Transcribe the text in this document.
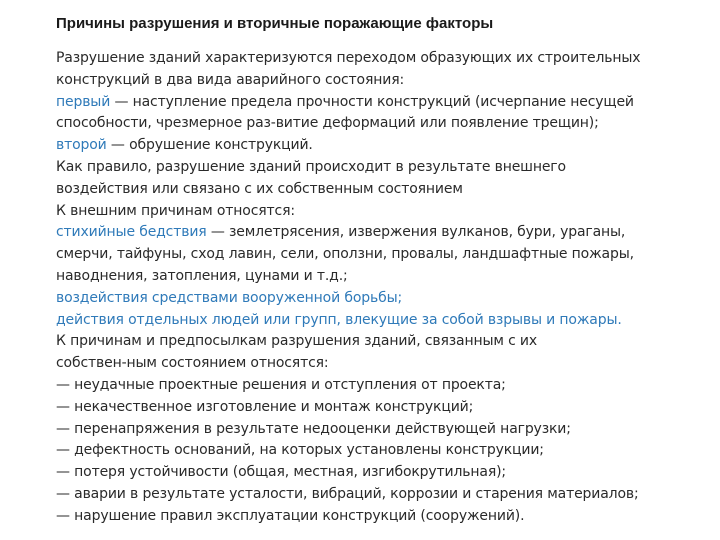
Причины разрушения и вторичные поражающие факторы
Разрушение зданий характеризуются переходом образующих их строительных
конструкций в два вида аварийного состояния:
первый — наступление предела прочности конструкций (исчерпание несущей
способности, чрезмерное раз-витие деформаций или появление трещин);
второй — обрушение конструкций.
Как правило, разрушение зданий происходит в результате внешнего
воздействия или связано с их собственным состоянием
К внешним причинам относятся:
стихийные бедствия — землетрясения, извержения вулканов, бури, ураганы,
смерчи, тайфуны, сход лавин, сели, оползни, провалы, ландшафтные пожары,
наводнения, затопления, цунами и т.д.;
воздействия средствами вооруженной борьбы;
действия отдельных людей или групп, влекущие за собой взрывы и пожары.
К причинам и предпосылкам разрушения зданий, связанным с их
собствен-ным состоянием относятся:
— неудачные проектные решения и отступления от проекта;
— некачественное изготовление и монтаж конструкций;
— перенапряжения в результате недооценки действующей нагрузки;
— дефектность оснований, на которых установлены конструкции;
— потеря устойчивости (общая, местная, изгибокрутильная);
— аварии в результате усталости, вибраций, коррозии и старения материалов;
— нарушение правил эксплуатации конструкций (сооружений).
